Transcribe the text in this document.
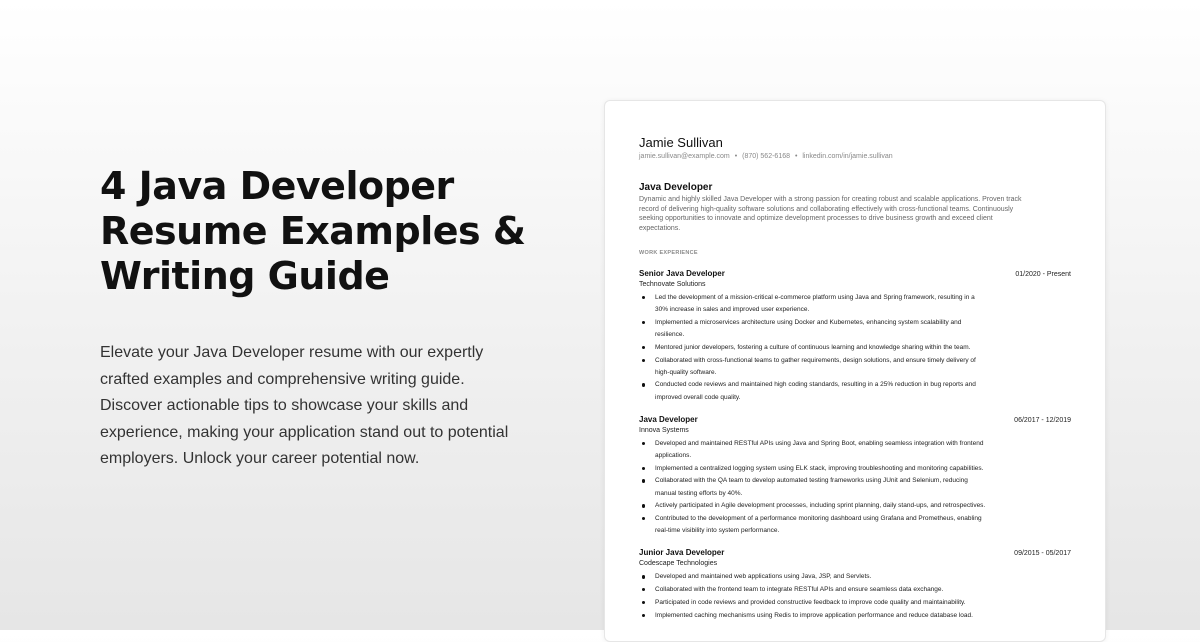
4 Java Developer
Resume Examples &
Writing Guide

Elevate your Java Developer resume with our expertly
crafted examples and comprehensive writing guide.
Discover actionable tips to showcase your skills and
experience, making your application stand out to potential
employers. Unlock your career potential now.

Jamie Sullivan
jamie.sullivan@example.com • (870) 562-6168 • linkedin.com/in/jamie.sullivan
Java Developer
Dynamic and highly skilled Java Developer with a strong passion for creating robust and scalable applications. Proven track
record of delivering high-quality software solutions and collaborating effectively with cross-functional teams. Continuously
seeking opportunities to innovate and optimize development processes to drive business growth and exceed client
expectations.
WORK EXPERIENCE
Senior Java Developer	01/2020 - Present
Technovate Solutions
Led the development of a mission-critical e-commerce platform using Java and Spring framework, resulting in a
30% increase in sales and improved user experience.
Implemented a microservices architecture using Docker and Kubernetes, enhancing system scalability and
resilience.
Mentored junior developers, fostering a culture of continuous learning and knowledge sharing within the team.
Collaborated with cross-functional teams to gather requirements, design solutions, and ensure timely delivery of
high-quality software.
Conducted code reviews and maintained high coding standards, resulting in a 25% reduction in bug reports and
improved overall code quality.
Java Developer	06/2017 - 12/2019
Innova Systems
Developed and maintained RESTful APIs using Java and Spring Boot, enabling seamless integration with frontend
applications.
Implemented a centralized logging system using ELK stack, improving troubleshooting and monitoring capabilities.
Collaborated with the QA team to develop automated testing frameworks using JUnit and Selenium, reducing
manual testing efforts by 40%.
Actively participated in Agile development processes, including sprint planning, daily stand-ups, and retrospectives.
Contributed to the development of a performance monitoring dashboard using Grafana and Prometheus, enabling
real-time visibility into system performance.
Junior Java Developer	09/2015 - 05/2017
Codescape Technologies
Developed and maintained web applications using Java, JSP, and Servlets.
Collaborated with the frontend team to integrate RESTful APIs and ensure seamless data exchange.
Participated in code reviews and provided constructive feedback to improve code quality and maintainability.
Implemented caching mechanisms using Redis to improve application performance and reduce database load.
